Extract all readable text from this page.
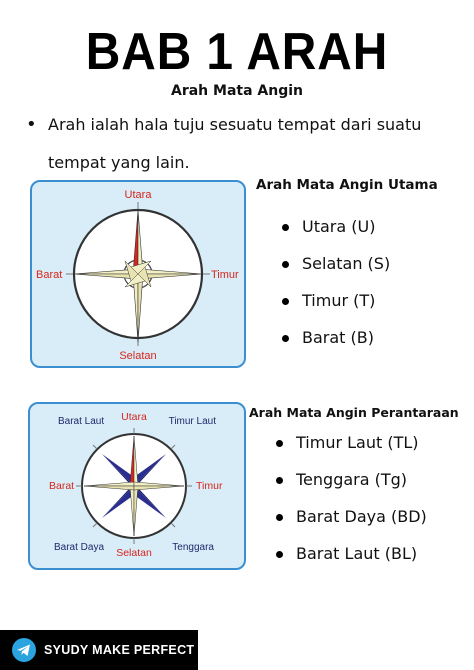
BAB 1 ARAH
Arah Mata Angin
• Arah ialah hala tuju sesuatu tempat dari suatu tempat yang lain.
Utara
Selatan
Barat	Timur
Arah Mata Angin Utama
Utara (U)
Selatan (S)
Timur (T)
Barat (B)
Utara
Selatan
Barat	Timur
Barat Laut	Timur Laut
Barat Daya	Tenggara
Arah Mata Angin Perantaraan
Timur Laut (TL)
Tenggara (Tg)
Barat Daya (BD)
Barat Laut (BL)
SYUDY MAKE PERFECT
